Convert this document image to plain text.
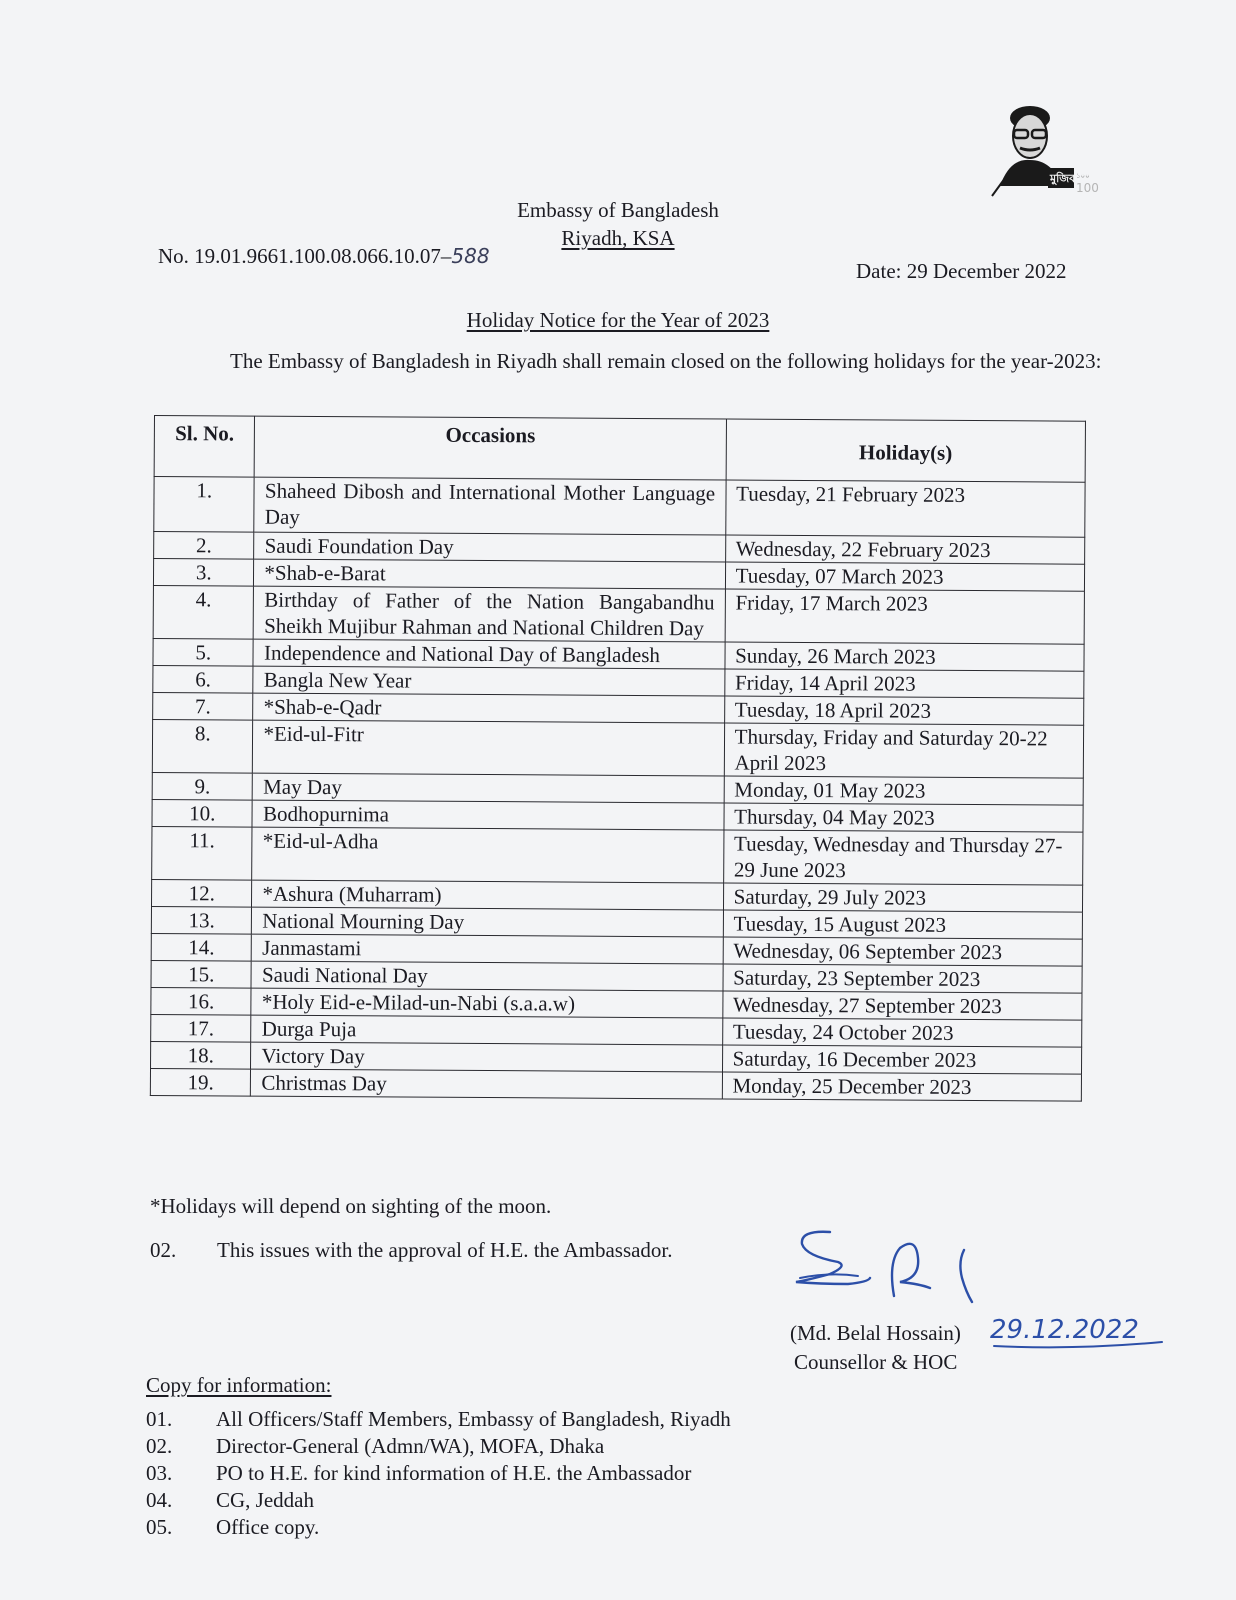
মুজিব ১০০
100
Embassy of Bangladesh
Riyadh, KSA
No. 19.01.9661.100.08.066.10.07–588
Date: 29 December 2022
Holiday Notice for the Year of 2023
The Embassy of Bangladesh in Riyadh shall remain closed on the following holidays for the year-2023:
Sl. No.	Occasions	Holiday(s)
1.	Shaheed Dibosh and International Mother Language Day	Tuesday, 21 February 2023
2.	Saudi Foundation Day	Wednesday, 22 February 2023
3.	*Shab-e-Barat	Tuesday, 07 March 2023
4.	Birthday of Father of the Nation Bangabandhu Sheikh Mujibur Rahman and National Children Day	Friday, 17 March 2023
5.	Independence and National Day of Bangladesh	Sunday, 26 March 2023
6.	Bangla New Year	Friday, 14 April 2023
7.	*Shab-e-Qadr	Tuesday, 18 April 2023
8.	*Eid-ul-Fitr	Thursday, Friday and Saturday 20-22 April 2023
9.	May Day	Monday, 01 May 2023
10.	Bodhopurnima	Thursday, 04 May 2023
11.	*Eid-ul-Adha	Tuesday, Wednesday and Thursday 27-29 June 2023
12.	*Ashura (Muharram)	Saturday, 29 July 2023
13.	National Mourning Day	Tuesday, 15 August 2023
14.	Janmastami	Wednesday, 06 September 2023
15.	Saudi National Day	Saturday, 23 September 2023
16.	*Holy Eid-e-Milad-un-Nabi (s.a.a.w)	Wednesday, 27 September 2023
17.	Durga Puja	Tuesday, 24 October 2023
18.	Victory Day	Saturday, 16 December 2023
19.	Christmas Day	Monday, 25 December 2023
*Holidays will depend on sighting of the moon.
02. This issues with the approval of H.E. the Ambassador.
29.12.2022
(Md. Belal Hossain)
Counsellor & HOC
Copy for information:
01. All Officers/Staff Members, Embassy of Bangladesh, Riyadh
02. Director-General (Admn/WA), MOFA, Dhaka
03. PO to H.E. for kind information of H.E. the Ambassador
04. CG, Jeddah
05. Office copy.
